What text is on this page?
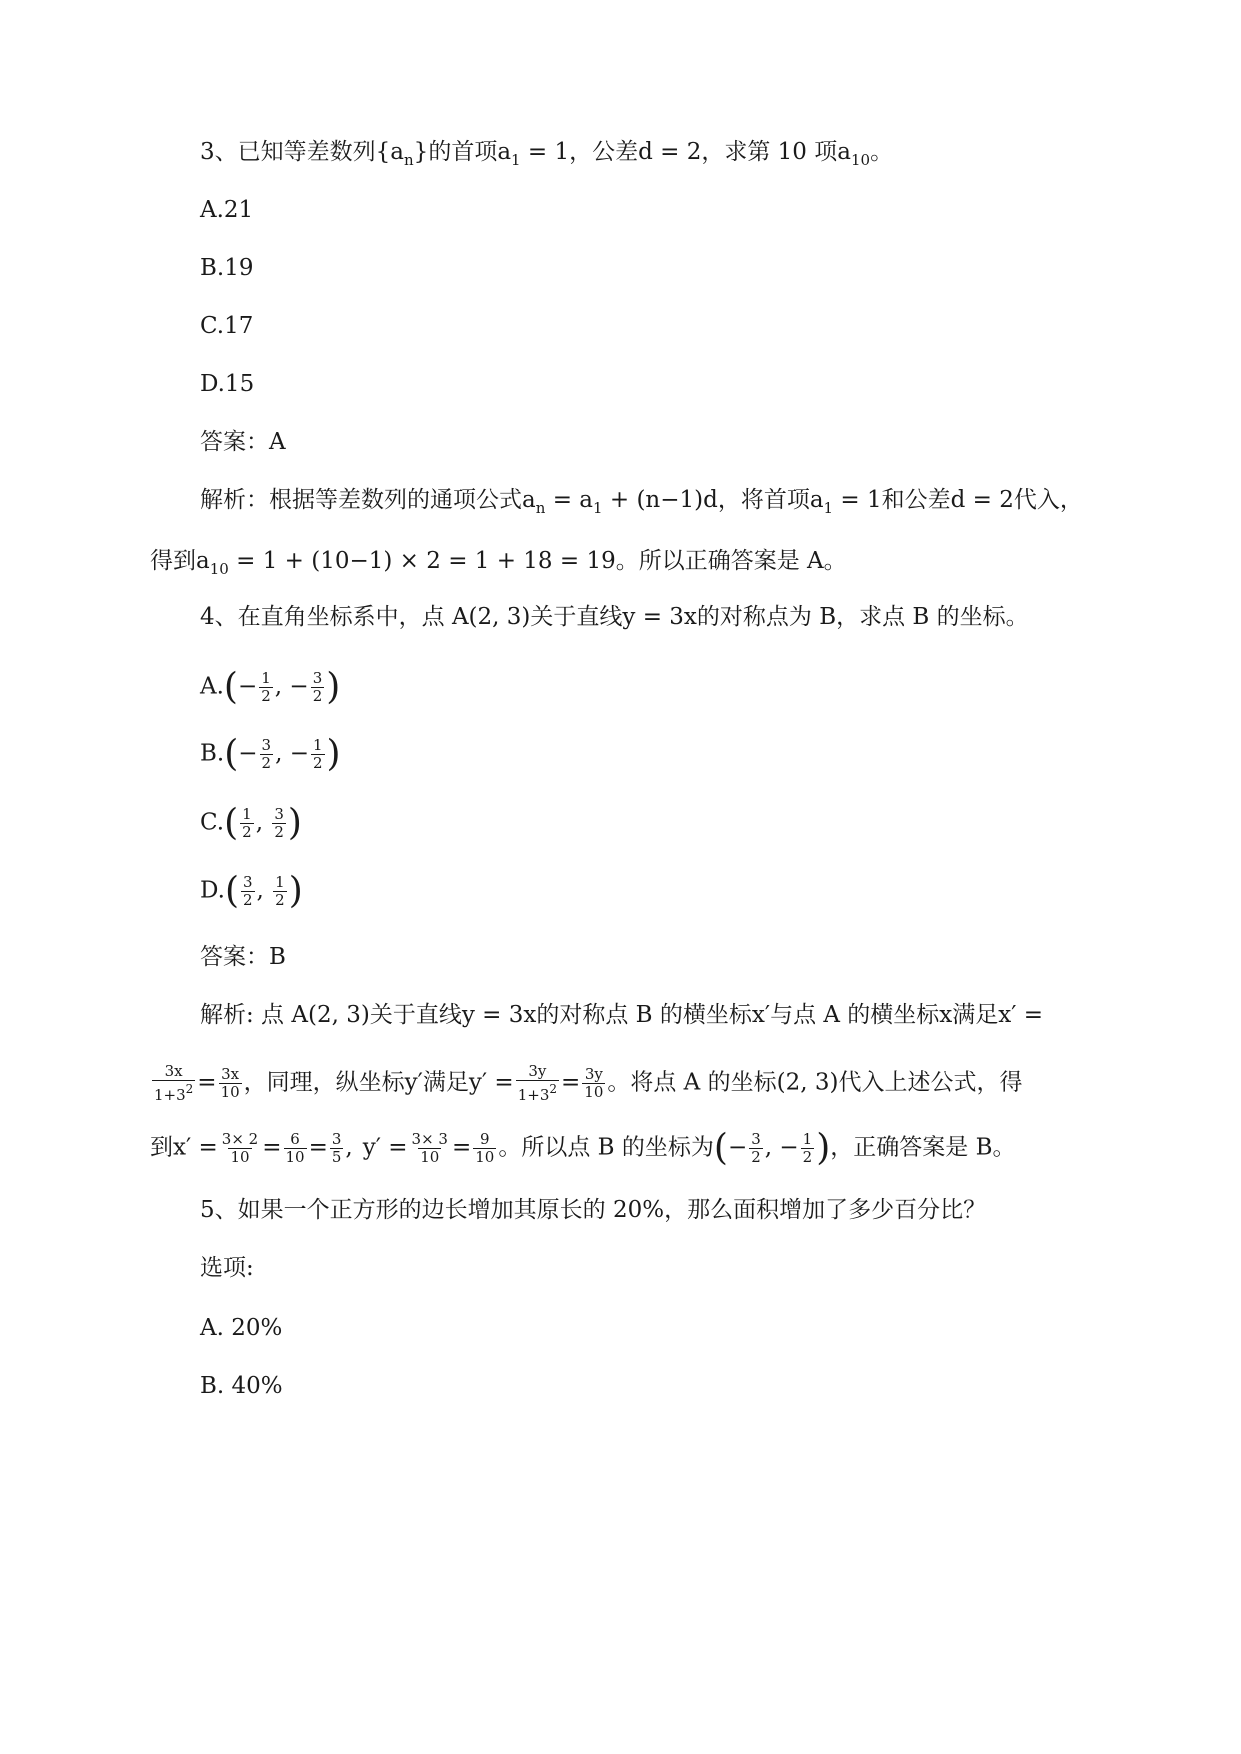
3、已知等差数列$\{a_n\}$的首项$a_1 = 1$，公差d = 2，求第 10 项$a_{10}$。
A.21
B.19
C.17
D.15
答案：A
解析：根据等差数列的通项公式$a_n = a_1 + (n-1)d$，将首项$a_1 = 1$和公差d = 2代入，
得到$a_{10} = 1 + (10-1) \times 2 = 1 + 18 = 19$。所以正确答案是 A。
4、在直角坐标系中，点 A(2, 3)关于直线y = 3x的对称点为 B，求点 B 的坐标。
$A.(- \frac{1}{2}$ , − $\frac{3}{2}$ )
$B.(- \frac{3}{2}$ , − $\frac{1}{2}$ )
$C.( \frac{1}{2}$ , $\frac{3}{2}$ )
$D.( \frac{3}{2}$ , $\frac{1}{2}$ )
答案：B
解析: 点 A(2, 3)关于直线y = 3x的对称点 B 的横坐标x′与点 A 的横坐标x满足x′ =
$\frac{3x}{1+3^2} = \frac{3x}{10}$ ，同理，纵坐标y′满足$y' = \frac{3y}{1+3^2} = \frac{3y}{10}$ 。将点 A 的坐标(2, 3)代入上述公式，得
到$x' = \frac{3\times 2}{10} = \frac{6}{10} = \frac{3}{5}$ , $y' = \frac{3\times 3}{10} = \frac{9}{10}$ 。所以点 B 的坐标为(− $\frac{3}{2}$ , − $\frac{1}{2}$ )，正确答案是 B。
5、如果一个正方形的边长增加其原长的 20%，那么面积增加了多少百分比？
选项:
A. 20%
B. 40%
